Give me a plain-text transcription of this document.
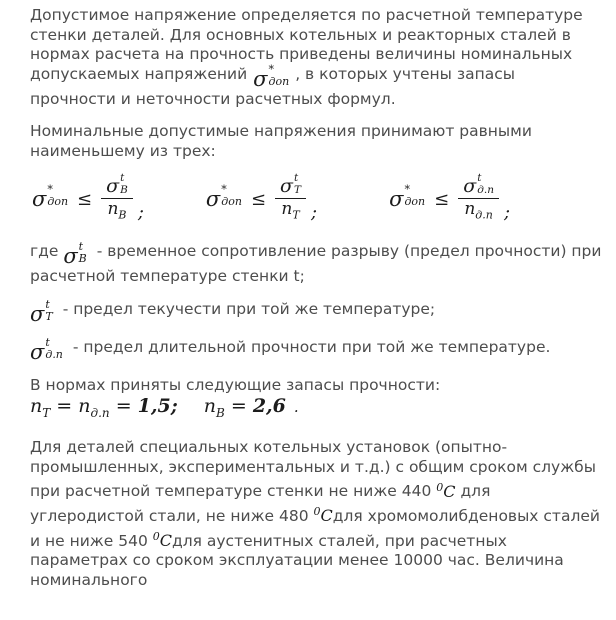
Допустимое напряжение определяется по расчетной температуре стенки деталей. Для основных котельных и реакторных сталей в нормах расчета на прочность приведены величины номинальных допускаемых напряжений σ *
доп , в которых учтены запасы прочности и неточности расчетных формул.

Номинальные допустимые напряжения принимают равными наименьшему из трех:

σ *
доп ≤ σ t
В
$n_В$ ;
σ *
доп ≤ σ t
Т
$n_Т$ ;
σ *
доп ≤ σ t
д.п
$n_{д.п}$ ;

где σ t
В - временное сопротивление разрыву (предел прочности) при расчетной температуре стенки t;

σ t
Т - предел текучести при той же температуре;

σ t
д.п - предел длительной прочности при той же температуре.

В нормах приняты следующие запасы прочности:

$n_Т = n_{д.п} = 1,5$; $n_В = 2,6$ .

Для деталей специальных котельных установок (опытно-промышленных, экспериментальных и т.д.) с общим сроком службы при расчетной температуре стенки не ниже 440 $^0$С для углеродистой стали, не ниже 480 $^0$Сдля хромомолибденовых сталей и не ниже 540 $^0$Сдля аустенитных сталей, при расчетных параметрах со сроком эксплуатации менее 10000 час. Величина номинального
